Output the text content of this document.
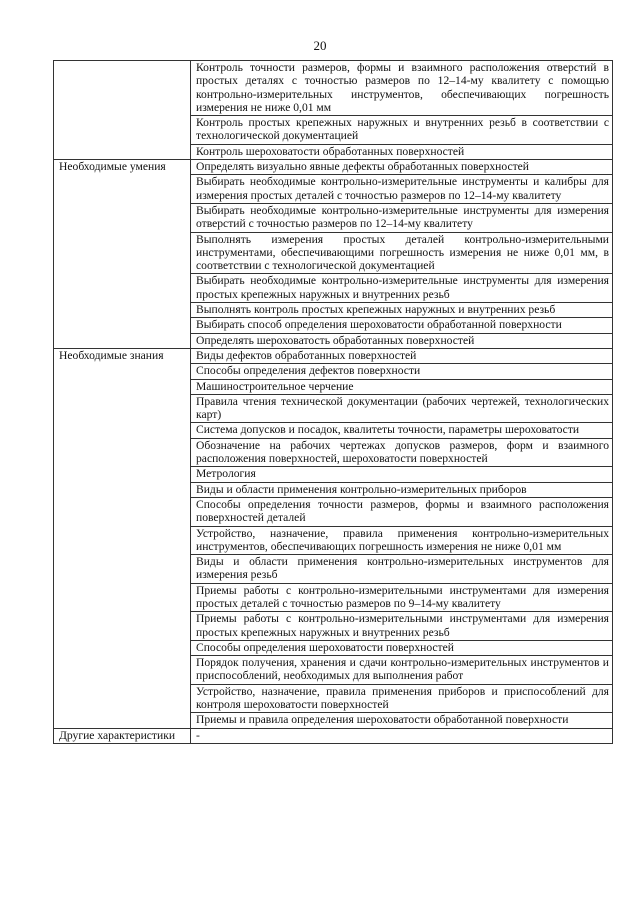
20
	Контроль точности размеров, формы и взаимного расположения отверстий в простых деталях с точностью размеров по 12–14-му квалитету с помощью контрольно-измерительных инструментов, обеспечивающих погрешность измерения не ниже 0,01 мм
	Контроль простых крепежных наружных и внутренних резьб в соответствии с технологической документацией
	Контроль шероховатости обработанных поверхностей
Необходимые умения	Определять визуально явные дефекты обработанных поверхностей
	Выбирать необходимые контрольно-измерительные инструменты и калибры для измерения простых деталей с точностью размеров по 12–14-му квалитету
	Выбирать необходимые контрольно-измерительные инструменты для измерения отверстий с точностью размеров по 12–14-му квалитету
	Выполнять измерения простых деталей контрольно-измерительными инструментами, обеспечивающими погрешность измерения не ниже 0,01 мм, в соответствии с технологической документацией
	Выбирать необходимые контрольно-измерительные инструменты для измерения простых крепежных наружных и внутренних резьб
	Выполнять контроль простых крепежных наружных и внутренних резьб
	Выбирать способ определения шероховатости обработанной поверхности
	Определять шероховатость обработанных поверхностей
Необходимые знания	Виды дефектов обработанных поверхностей
	Способы определения дефектов поверхности
	Машиностроительное черчение
	Правила чтения технической документации (рабочих чертежей, технологических карт)
	Система допусков и посадок, квалитеты точности, параметры шероховатости
	Обозначение на рабочих чертежах допусков размеров, форм и взаимного расположения поверхностей, шероховатости поверхностей
	Метрология
	Виды и области применения контрольно-измерительных приборов
	Способы определения точности размеров, формы и взаимного расположения поверхностей деталей
	Устройство, назначение, правила применения контрольно-измерительных инструментов, обеспечивающих погрешность измерения не ниже 0,01 мм
	Виды и области применения контрольно-измерительных инструментов для измерения резьб
	Приемы работы с контрольно-измерительными инструментами для измерения простых деталей с точностью размеров по 9–14-му квалитету
	Приемы работы с контрольно-измерительными инструментами для измерения простых крепежных наружных и внутренних резьб
	Способы определения шероховатости поверхностей
	Порядок получения, хранения и сдачи контрольно-измерительных инструментов и приспособлений, необходимых для выполнения работ
	Устройство, назначение, правила применения приборов и приспособлений для контроля шероховатости поверхностей
	Приемы и правила определения шероховатости обработанной поверхности
Другие характеристики	-
